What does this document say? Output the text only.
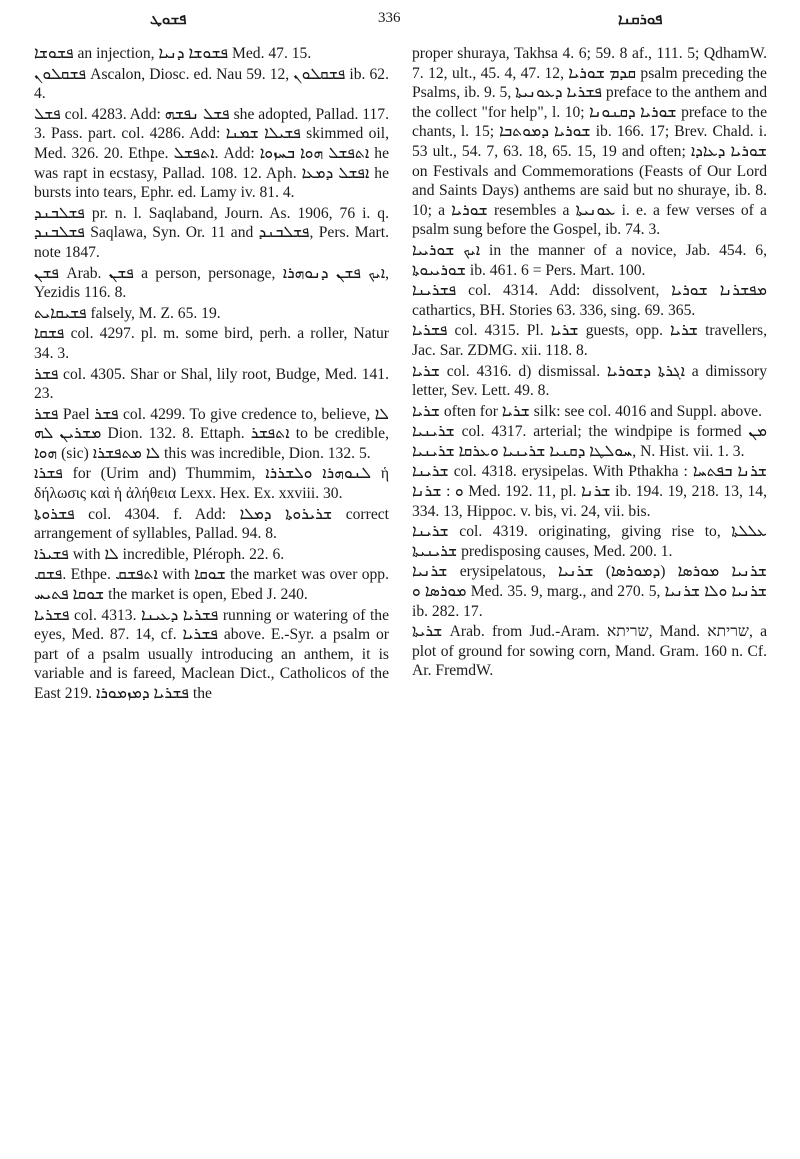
ܦܫܘܛ	336	ܦܘܪܩܢܐ

ܦܫܘܫܐ an injection, ܦܫܘܫܐ ܕܢܝܐ Med. 47. 15.

ܦܫܩܠܘܢ Ascalon, Diosc. ed. Nau 59. 12, ܦܫܩܠܘܢ ib. 62. 4.

ܦܫܠ col. 4283. Add: ܦܫܠ ܢܦܫܗ she adopted, Pallad. 117. 3. Pass. part. col. 4286. Add: ܦܫܝܠܐ ܫܡܢܐ skimmed oil, Med. 326. 20. Ethpe. ܐܬܦܫܠ. Add: ܐܬܦܫܠ ܗܘܐ ܒܚܙܘܐ he was rapt in ecstasy, Pallad. 108. 12. Aph. ܐܦܫܠ ܕܡܥܐ he bursts into tears, Ephr. ed. Lamy iv. 81. 4.

ܦܫܠܒܢܕ pr. n. l. Saqlaband, Journ. As. 1906, 76 i. q. ܦܫܠܒܢܕ Saqlawa, Syn. Or. 11 and ܦܫܠܒܢܕ, Pers. Mart. note 1847.

ܦܫܢ Arab. ܦܫܢ a person, personage, ܐܝܟ ܦܫܢ ܕܢܘܗܪܐ, Yezidis 116. 8.

ܦܫܝܩܐܝܬ falsely, M. Z. 65. 19.

ܦܫܩܐ col. 4297. pl. m. some bird, perh. a roller, Natur 34. 3.

ܦܫܪ col. 4305. Shar or Shal, lily root, Budge, Med. 141. 23.

ܦܫܪ Pael ܦܫܪ col. 4299. To give credence to, believe, ܠܐ ܡܫܪܝܢ ܠܗ Dion. 132. 8. Ettaph. ܐܬܦܫܪ to be credible, ܗܘܐ (sic) ܠܐ ܡܬܦܫܪܐ this was incredible, Dion. 132. 5.

ܦܫܪܐ for (Urim and) Thummim, ܠܢܘܗܪܐ ܘܠܫܪܪܐ ἡ δήλωσις καὶ ἡ ἀλήθεια Lexx. Hex. Ex. xxviii. 30.

ܦܫܪܘܬܐ col. 4304. f. Add: ܫܪܝܪܘܬܐ ܕܡܠܐ correct arrangement of syllables, Pallad. 94. 8.

ܦܫܝܪܐ with ܠܐ incredible, Pléroph. 22. 6.

ܦܫܩ. Ethpe. ܐܬܦܫܩ with ܫܘܩܐ the market was over opp. ܫܘܩܐ ܦܬܝܚ the market is open, Ebed J. 240.

ܦܫܪܝܐ col. 4313. ܦܫܪܝܐ ܕܥܝܢܐ running or watering of the eyes, Med. 87. 14, cf. ܦܫܪܝܐ above. E.-Syr. a psalm or part of a psalm usually introducing an anthem, it is variable and is fareed, Maclean Dict., Catholicos of the East 219. ܦܫܪܝܐ ܕܡܙܡܘܪܐ the

proper shuraya, Takhsa 4. 6; 59. 8 af., 111. 5; QdhamW. 7. 12, ult., 45. 4, 47. 12, ܩܕܡ ܫܘܪܝܐ psalm preceding the Psalms, ib. 9. 5, ܦܫܪܝܐ ܕܥܘܢܝܬܐ preface to the anthem and the collect "for help", l. 10; ܫܘܪܝܐ ܕܩܢܘܢܐ preface to the chants, l. 15; ܫܘܪܝܐ ܕܡܘܬܒܐ ib. 166. 17; Brev. Chald. i. 53 ult., 54. 7, 63. 18, 65. 15, 19 and often; ܫܘܪܝܐ ܕܥܐܕܐ on Festivals and Commemorations (Feasts of Our Lord and Saints Days) anthems are said but no shuraye, ib. 8. 10; a ܫܘܪܝܐ resembles a ܥܘܢܝܬܐ i. e. a few verses of a psalm sung before the Gospel, ib. 74. 3.

ܐܝܟ ܫܘܪܝܝܐ in the manner of a novice, Jab. 454. 6, ܫܘܪܝܝܘܬܐ ib. 461. 6 = Pers. Mart. 100.

ܦܫܪܝܢܐ col. 4314. Add: dissolvent, ܡܦܫܪܢܐ ܫܘܪܝܐ cathartics, BH. Stories 63. 336, sing. 69. 365.

ܦܫܪܝܐ col. 4315. Pl. ܫܪܝܐ guests, opp. ܫܪܝܐ travellers, Jac. Sar. ZDMG. xii. 118. 8.

ܫܪܝܐ col. 4316. d) dismissal. ܐܓܪܬܐ ܕܫܘܪܝܐ a dimissory letter, Sev. Lett. 49. 8.

ܫܪܝܐ often for ܫܪܝܐ silk: see col. 4016 and Suppl. above.

ܫܪܝܢܝܐ col. 4317. arterial; the windpipe is formed ܡܢ ܚܘܠܛܐ ܕܩܢܝܐ ܫܪܝܢܝܐ ܘܥܪܩܐ ܫܪܝܢܝܐ, N. Hist. vii. 1. 3.

ܫܪܝܢܐ col. 4318. erysipelas. With Pthakha ܫܪܢܐ ܒܦܬܚܐ : ܘ : ܫܪܢܐ Med. 192. 11, pl. ܫܪܢܐ ib. 194. 19, 218. 13, 14, 334. 13, Hippoc. v. bis, vi. 24, vii. bis.

ܫܪܝܢܐ col. 4319. originating, giving rise to, ܥܠܠܬܐ ܫܪܝܢܝܬܐ predisposing causes, Med. 200. 1.

ܫܪܢܝܐ erysipelatous, ܫܪܢܝܐ ܡܘܪܣܐ (ܕܡܘܪܣܐ) ܫܪܢܝܐ ܡܘܪܣܐ ܘ Med. 35. 9, marg., and 270. 5, ܫܪܢܝܐ ܘܠܐ ܫܪܢܝܐ ib. 282. 17.

ܫܪܝܬܐ Arab. from Jud.-Aram. שריתא, Mand. שריתא, a plot of ground for sowing corn, Mand. Gram. 160 n. Cf. Ar. FremdW.
